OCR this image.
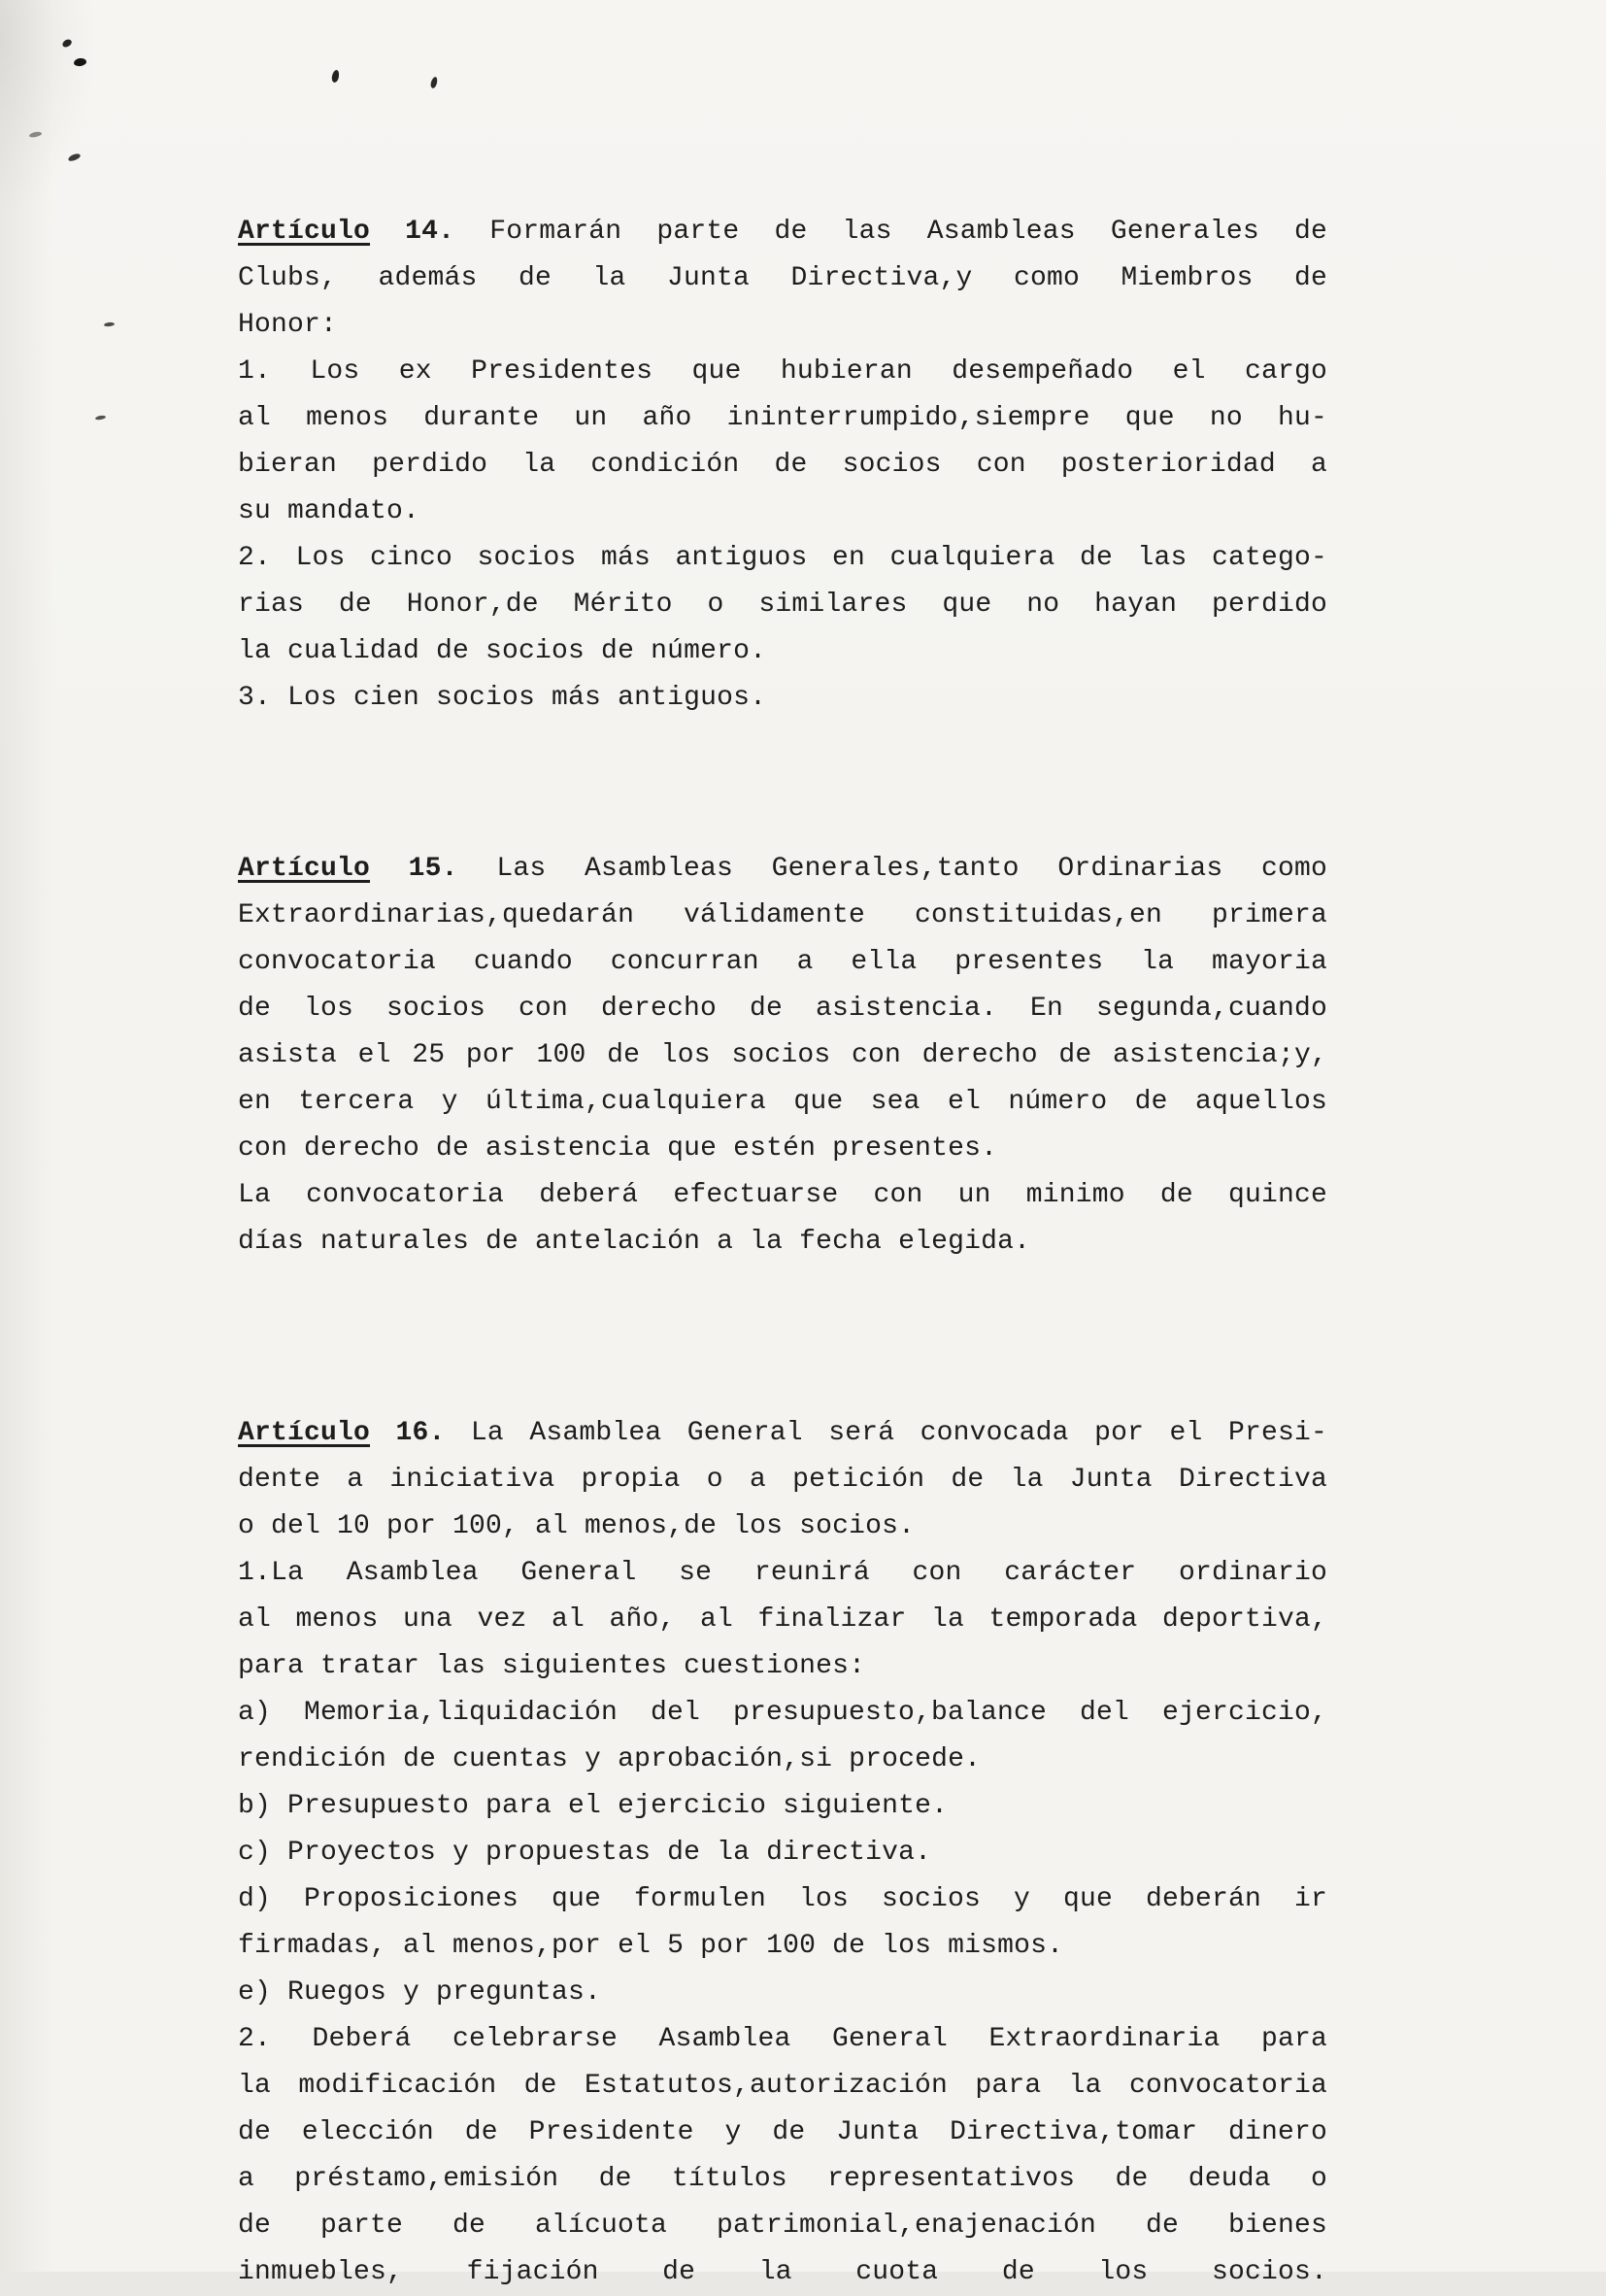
Artículo 14. Formarán parte de las Asambleas Generales de
Clubs, además de la Junta Directiva,y como Miembros de
Honor:
1. Los ex Presidentes que hubieran desempeñado el cargo
al menos durante un año ininterrumpido,siempre que no hu-
bieran perdido la condición de socios con posterioridad a
su mandato.
2. Los cinco socios más antiguos en cualquiera de las catego-
rias de Honor,de Mérito o similares que no hayan perdido
la cualidad de socios de número.
3. Los cien socios más antiguos.
Artículo 15. Las Asambleas Generales,tanto Ordinarias como
Extraordinarias,quedarán válidamente constituidas,en primera
convocatoria cuando concurran a ella presentes la mayoria
de los socios con derecho de asistencia. En segunda,cuando
asista el 25 por 100 de los socios con derecho de asistencia;y,
en tercera y última,cualquiera que sea el número de aquellos
con derecho de asistencia que estén presentes.
La convocatoria deberá efectuarse con un minimo de quince
días naturales de antelación a la fecha elegida.
Artículo 16. La Asamblea General será convocada por el Presi-
dente a iniciativa propia o a petición de la Junta Directiva
o del 10 por 100, al menos,de los socios.
1.La Asamblea General se reunirá con carácter ordinario
al menos una vez al año, al finalizar la temporada deportiva,
para tratar las siguientes cuestiones:
a) Memoria,liquidación del presupuesto,balance del ejercicio,
rendición de cuentas y aprobación,si procede.
b) Presupuesto para el ejercicio siguiente.
c) Proyectos y propuestas de la directiva.
d) Proposiciones que formulen los socios y que deberán ir
firmadas, al menos,por el 5 por 100 de los mismos.
e) Ruegos y preguntas.
2. Deberá celebrarse Asamblea General Extraordinaria para
la modificación de Estatutos,autorización para la convocatoria
de elección de Presidente y de Junta Directiva,tomar dinero
a préstamo,emisión de títulos representativos de deuda o
de parte de alícuota patrimonial,enajenación de bienes
inmuebles, fijación de la cuota de los socios.
